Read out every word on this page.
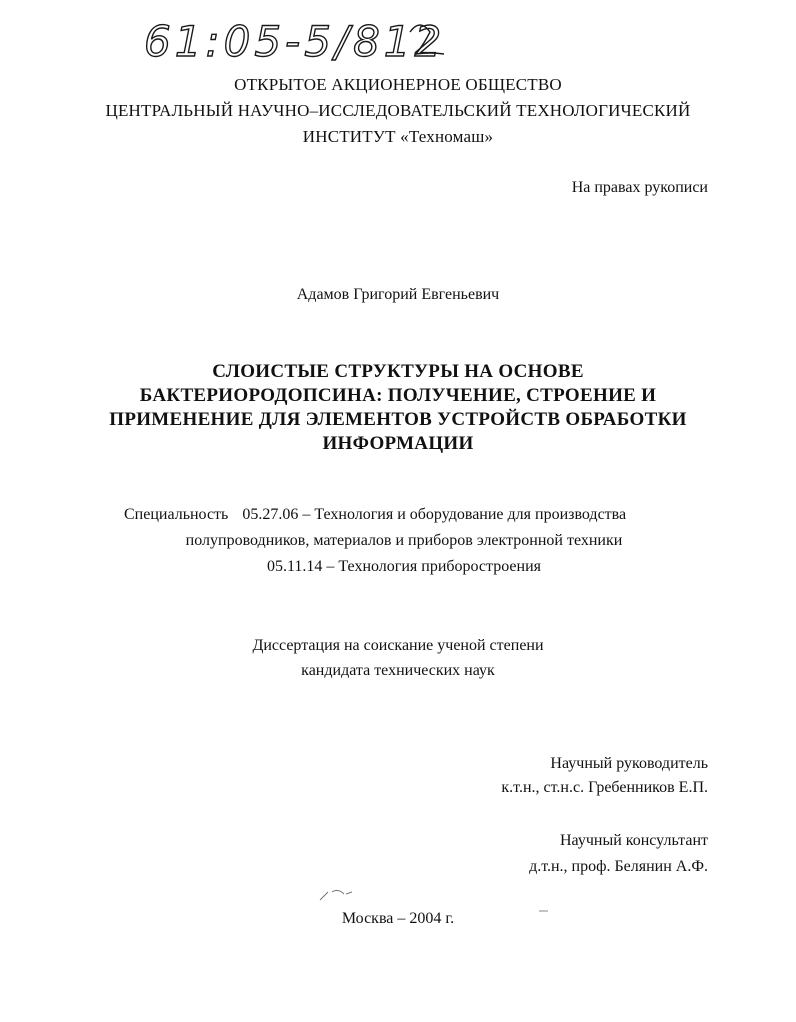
61:05-5/812
ОТКРЫТОЕ АКЦИОНЕРНОЕ ОБЩЕСТВО
ЦЕНТРАЛЬНЫЙ НАУЧНО–ИССЛЕДОВАТЕЛЬСКИЙ ТЕХНОЛОГИЧЕСКИЙ
ИНСТИТУТ «Техномаш»
На правах рукописи
Адамов Григорий Евгеньевич
СЛОИСТЫЕ СТРУКТУРЫ НА ОСНОВЕ
БАКТЕРИОРОДОПСИНА: ПОЛУЧЕНИЕ, СТРОЕНИЕ И
ПРИМЕНЕНИЕ ДЛЯ ЭЛЕМЕНТОВ УСТРОЙСТВ ОБРАБОТКИ
ИНФОРМАЦИИ
Специальность 05.27.06 – Технология и оборудование для производства
полупроводников, материалов и приборов электронной техники
05.11.14 – Технология приборостроения
Диссертация на соискание ученой степени
кандидата технических наук
Научный руководитель
к.т.н., ст.н.с. Гребенников Е.П.
Научный консультант
д.т.н., проф. Белянин А.Ф.
Москва – 2004 г.
